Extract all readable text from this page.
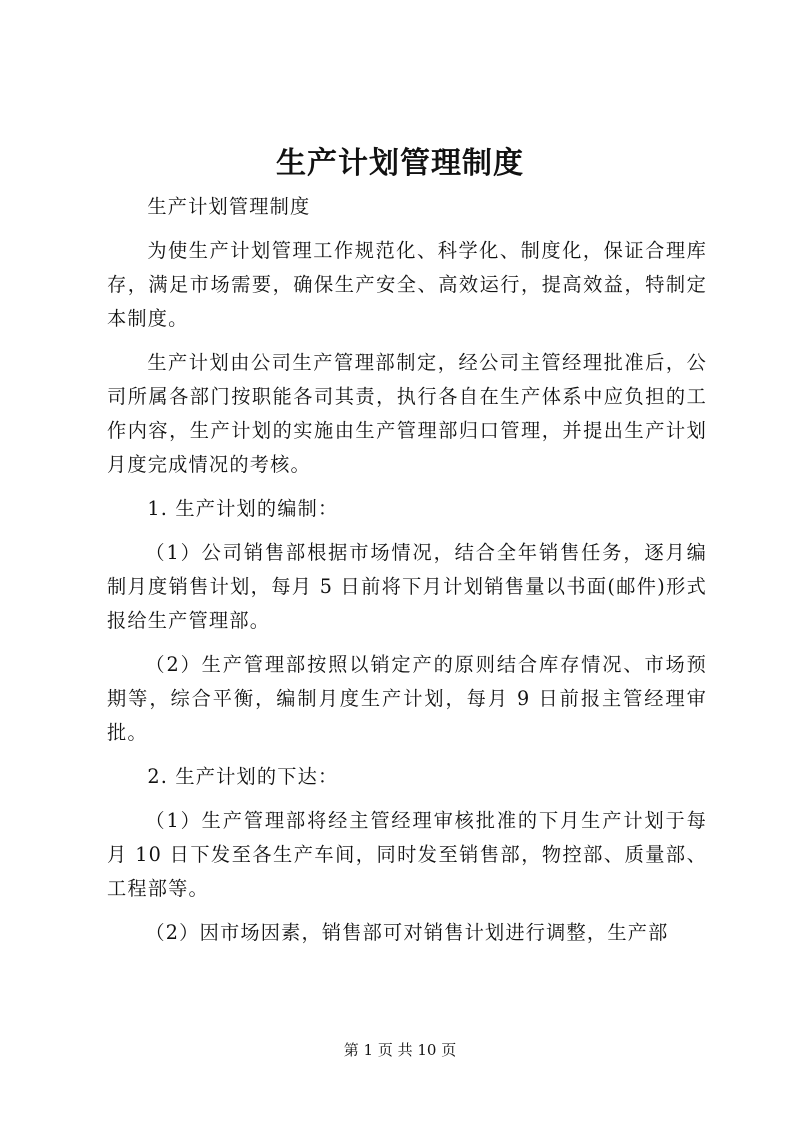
生产计划管理制度

生产计划管理制度

为使生产计划管理工作规范化、科学化、制度化，保证合理库存，满足市场需要，确保生产安全、高效运行，提高效益，特制定本制度。

生产计划由公司生产管理部制定，经公司主管经理批准后，公司所属各部门按职能各司其责，执行各自在生产体系中应负担的工作内容，生产计划的实施由生产管理部归口管理，并提出生产计划月度完成情况的考核。

1. 生产计划的编制：

（1）公司销售部根据市场情况，结合全年销售任务，逐月编制月度销售计划，每月 5 日前将下月计划销售量以书面(邮件)形式报给生产管理部。

（2）生产管理部按照以销定产的原则结合库存情况、市场预期等，综合平衡，编制月度生产计划，每月 9 日前报主管经理审批。

2. 生产计划的下达：

（1）生产管理部将经主管经理审核批准的下月生产计划于每月 10 日下发至各生产车间，同时发至销售部，物控部、质量部、工程部等。

（2）因市场因素，销售部可对销售计划进行调整，生产部

第 1 页 共 10 页
